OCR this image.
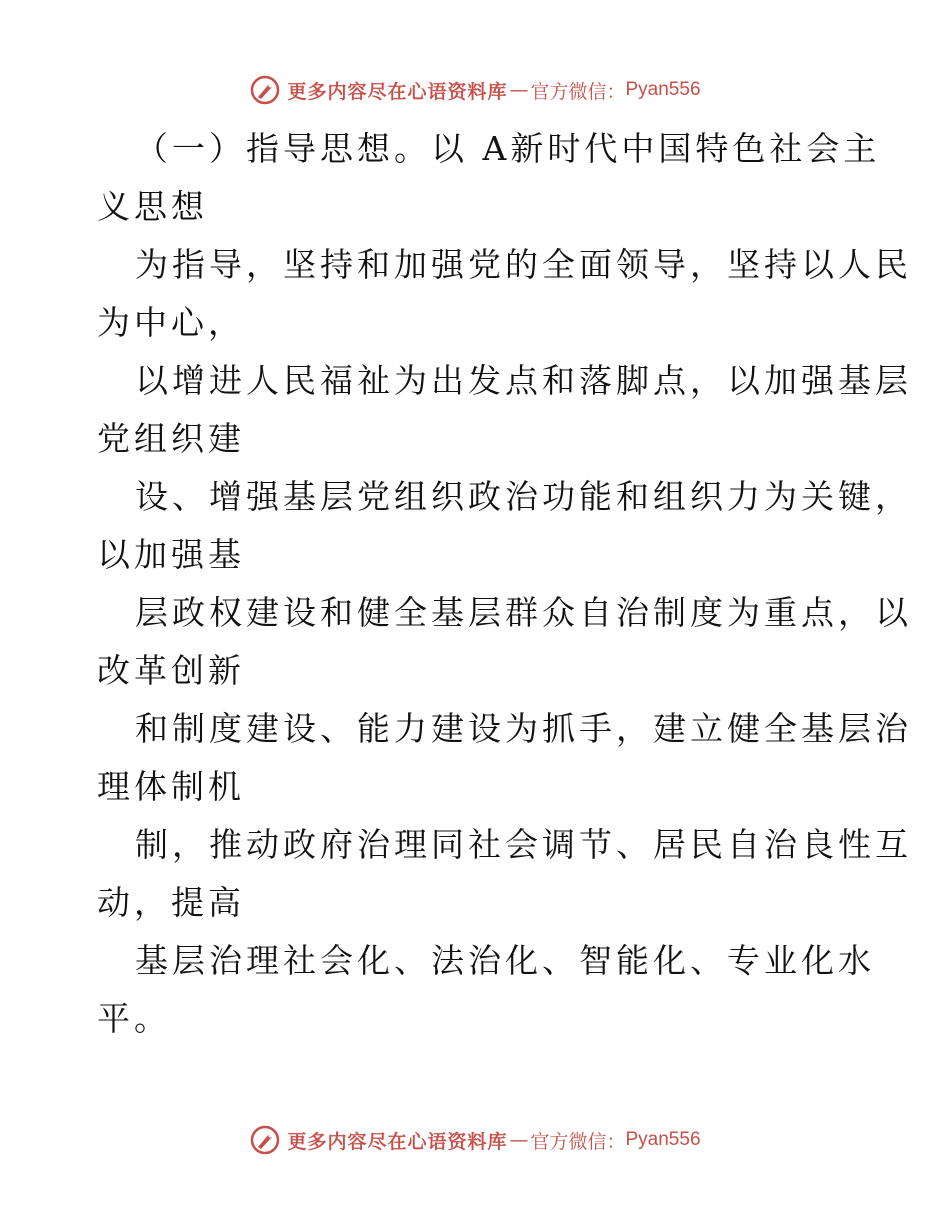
更多内容尽在心语资料库 — 官方微信： Pyan556
（一）指导思想。以 A新时代中国特色社会主
义思想
为指导，坚持和加强党的全面领导，坚持以人民
为中心，
以增进人民福祉为出发点和落脚点，以加强基层
党组织建
设、增强基层党组织政治功能和组织力为关键，
以加强基
层政权建设和健全基层群众自治制度为重点，以
改革创新
和制度建设、能力建设为抓手，建立健全基层治
理体制机
制，推动政府治理同社会调节、居民自治良性互
动，提高
基层治理社会化、法治化、智能化、专业化水
平。
更多内容尽在心语资料库 — 官方微信： Pyan556
